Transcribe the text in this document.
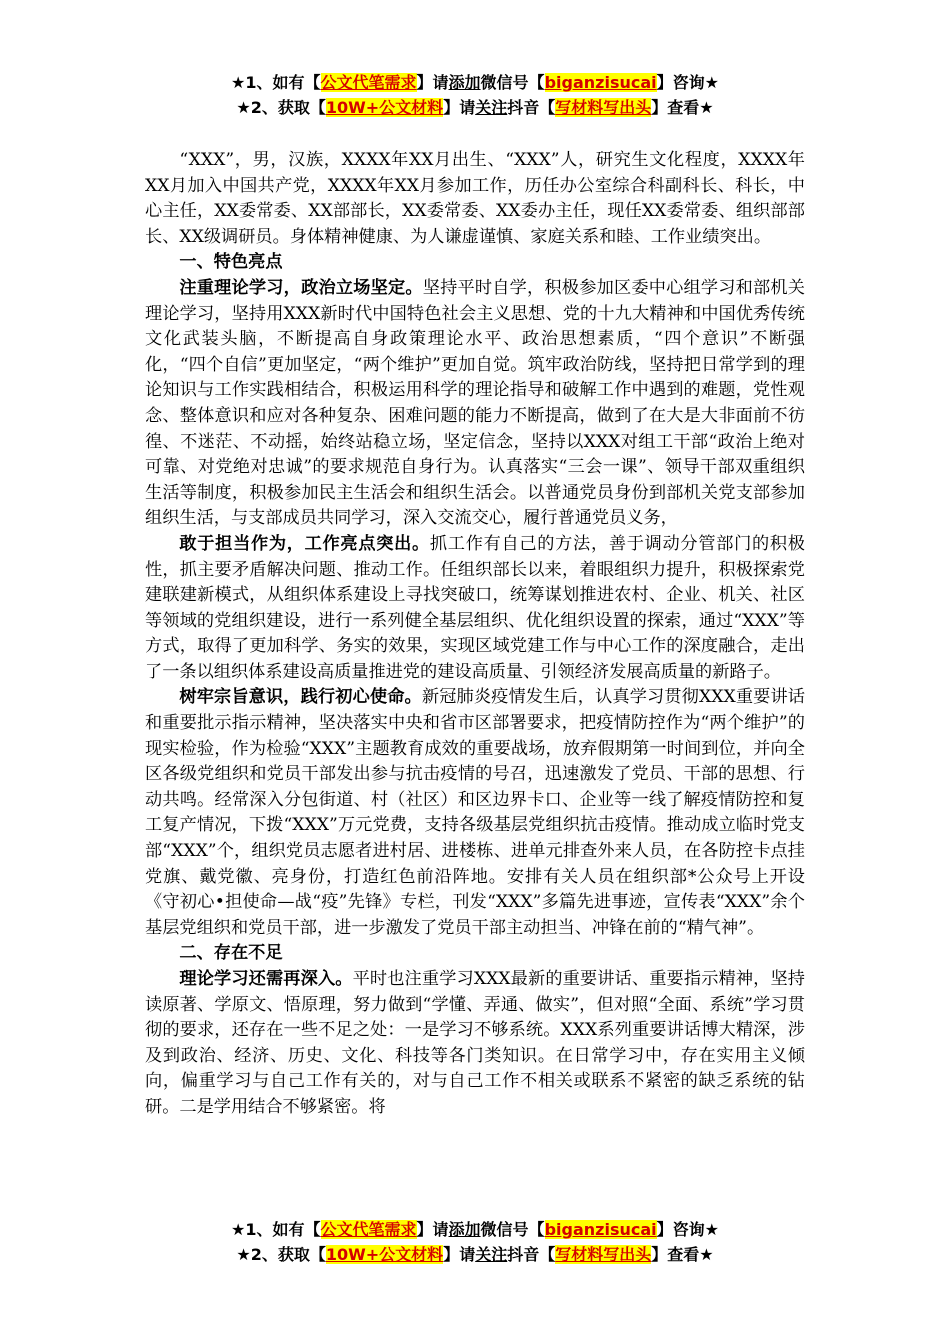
★1、如有【公文代笔需求】请添加微信号【biganzisucai】咨询★
★2、获取【10W+公文材料】请关注抖音【写材料写出头】查看★

“XXX”，男，汉族，XXXX年XX月出生、“XXX”人，研究生文化程度，XXXX年XX月加入中国共产党，XXXX年XX月参加工作，历任办公室综合科副科长、科长，中心主任，XX委常委、XX部部长，XX委常委、XX委办主任，现任XX委常委、组织部部长、XX级调研员。身体精神健康、为人谦虚谨慎、家庭关系和睦、工作业绩突出。

一、特色亮点

注重理论学习，政治立场坚定。坚持平时自学，积极参加区委中心组学习和部机关理论学习，坚持用XXX新时代中国特色社会主义思想、党的十九大精神和中国优秀传统文化武装头脑，不断提高自身政策理论水平、政治思想素质，“四个意识”不断强化，“四个自信”更加坚定，“两个维护”更加自觉。筑牢政治防线，坚持把日常学到的理论知识与工作实践相结合，积极运用科学的理论指导和破解工作中遇到的难题，党性观念、整体意识和应对各种复杂、困难问题的能力不断提高，做到了在大是大非面前不彷徨、不迷茫、不动摇，始终站稳立场，坚定信念，坚持以XXX对组工干部“政治上绝对可靠、对党绝对忠诚”的要求规范自身行为。认真落实“三会一课”、领导干部双重组织生活等制度，积极参加民主生活会和组织生活会。以普通党员身份到部机关党支部参加组织生活，与支部成员共同学习，深入交流交心，履行普通党员义务，

敢于担当作为，工作亮点突出。抓工作有自己的方法，善于调动分管部门的积极性，抓主要矛盾解决问题、推动工作。任组织部长以来，着眼组织力提升，积极探索党建联建新模式，从组织体系建设上寻找突破口，统筹谋划推进农村、企业、机关、社区等领域的党组织建设，进行一系列健全基层组织、优化组织设置的探索，通过“XXX”等方式，取得了更加科学、务实的效果，实现区域党建工作与中心工作的深度融合，走出了一条以组织体系建设高质量推进党的建设高质量、引领经济发展高质量的新路子。

树牢宗旨意识，践行初心使命。新冠肺炎疫情发生后，认真学习贯彻XXX重要讲话和重要批示指示精神，坚决落实中央和省市区部署要求，把疫情防控作为“两个维护”的现实检验，作为检验“XXX”主题教育成效的重要战场，放弃假期第一时间到位，并向全区各级党组织和党员干部发出参与抗击疫情的号召，迅速激发了党员、干部的思想、行动共鸣。经常深入分包街道、村（社区）和区边界卡口、企业等一线了解疫情防控和复工复产情况，下拨“XXX”万元党费，支持各级基层党组织抗击疫情。推动成立临时党支部“XXX”个，组织党员志愿者进村居、进楼栋、进单元排查外来人员，在各防控卡点挂党旗、戴党徽、亮身份，打造红色前沿阵地。安排有关人员在组织部*公众号上开设《守初心•担使命—战“疫”先锋》专栏，刊发“XXX”多篇先进事迹，宣传表“XXX”余个基层党组织和党员干部，进一步激发了党员干部主动担当、冲锋在前的“精气神”。

二、存在不足

理论学习还需再深入。平时也注重学习XXX最新的重要讲话、重要指示精神，坚持读原著、学原文、悟原理，努力做到“学懂、弄通、做实”，但对照“全面、系统”学习贯彻的要求，还存在一些不足之处：一是学习不够系统。XXX系列重要讲话博大精深，涉及到政治、经济、历史、文化、科技等各门类知识。在日常学习中，存在实用主义倾向，偏重学习与自己工作有关的，对与自己工作不相关或联系不紧密的缺乏系统的钻研。二是学用结合不够紧密。将

★1、如有【公文代笔需求】请添加微信号【biganzisucai】咨询★
★2、获取【10W+公文材料】请关注抖音【写材料写出头】查看★
